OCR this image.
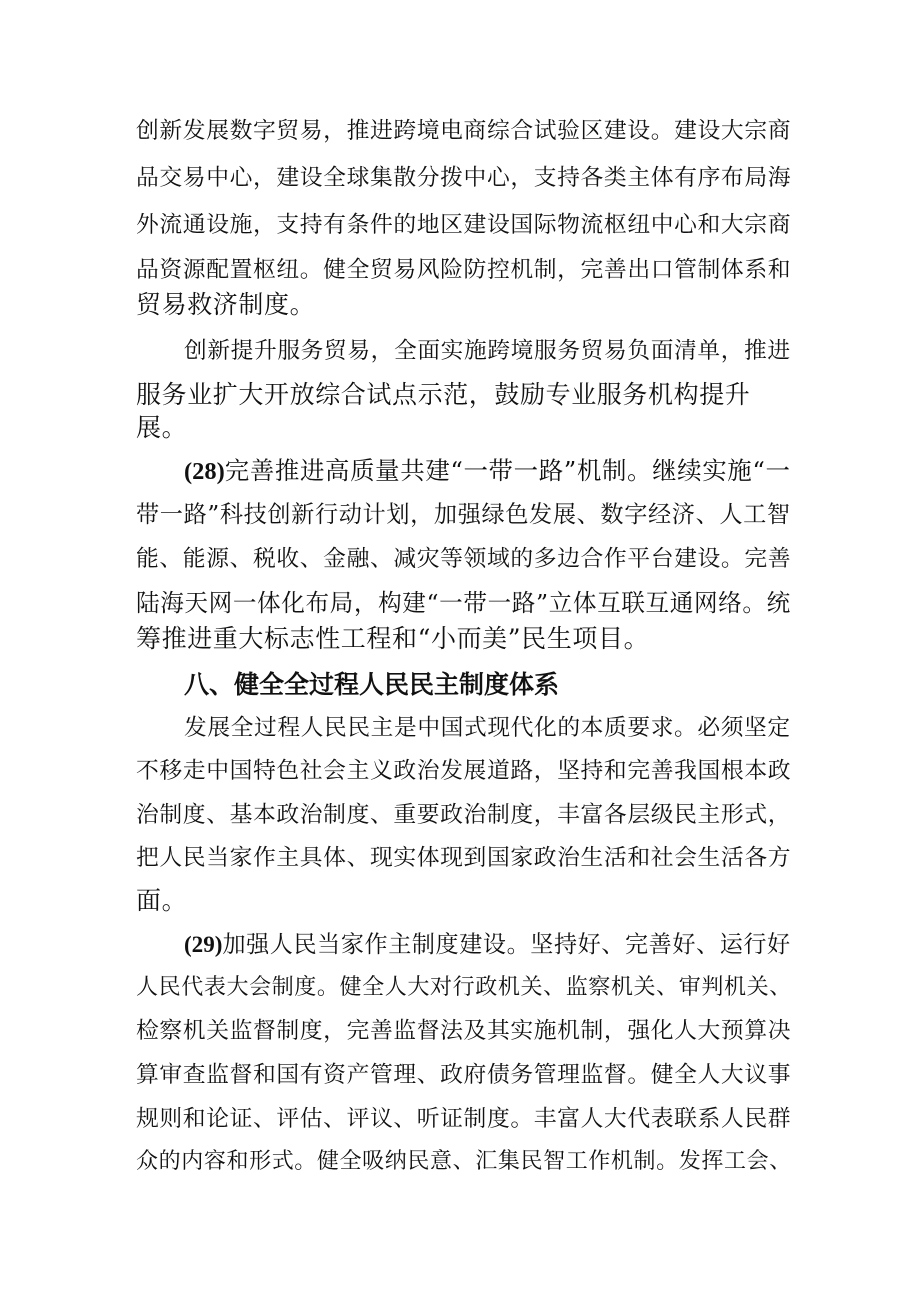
创新发展数字贸易，推进跨境电商综合试验区建设。建设大宗商
品交易中心，建设全球集散分拨中心，支持各类主体有序布局海
外流通设施，支持有条件的地区建设国际物流枢纽中心和大宗商
品资源配置枢纽。健全贸易风险防控机制，完善出口管制体系和
贸易救济制度。
创新提升服务贸易，全面实施跨境服务贸易负面清单，推进
服务业扩大开放综合试点示范，鼓励专业服务机构提升
展。
(28)完善推进高质量共建“一带一路”机制。继续实施“一
带一路”科技创新行动计划，加强绿色发展、数字经济、人工智
能、能源、税收、金融、减灾等领域的多边合作平台建设。完善
陆海天网一体化布局，构建“一带一路”立体互联互通网络。统
筹推进重大标志性工程和“小而美”民生项目。
八、健全全过程人民民主制度体系
发展全过程人民民主是中国式现代化的本质要求。必须坚定
不移走中国特色社会主义政治发展道路，坚持和完善我国根本政
治制度、基本政治制度、重要政治制度，丰富各层级民主形式，
把人民当家作主具体、现实体现到国家政治生活和社会生活各方
面。
(29)加强人民当家作主制度建设。坚持好、完善好、运行好
人民代表大会制度。健全人大对行政机关、监察机关、审判机关、
检察机关监督制度，完善监督法及其实施机制，强化人大预算决
算审查监督和国有资产管理、政府债务管理监督。健全人大议事
规则和论证、评估、评议、听证制度。丰富人大代表联系人民群
众的内容和形式。健全吸纳民意、汇集民智工作机制。发挥工会、
